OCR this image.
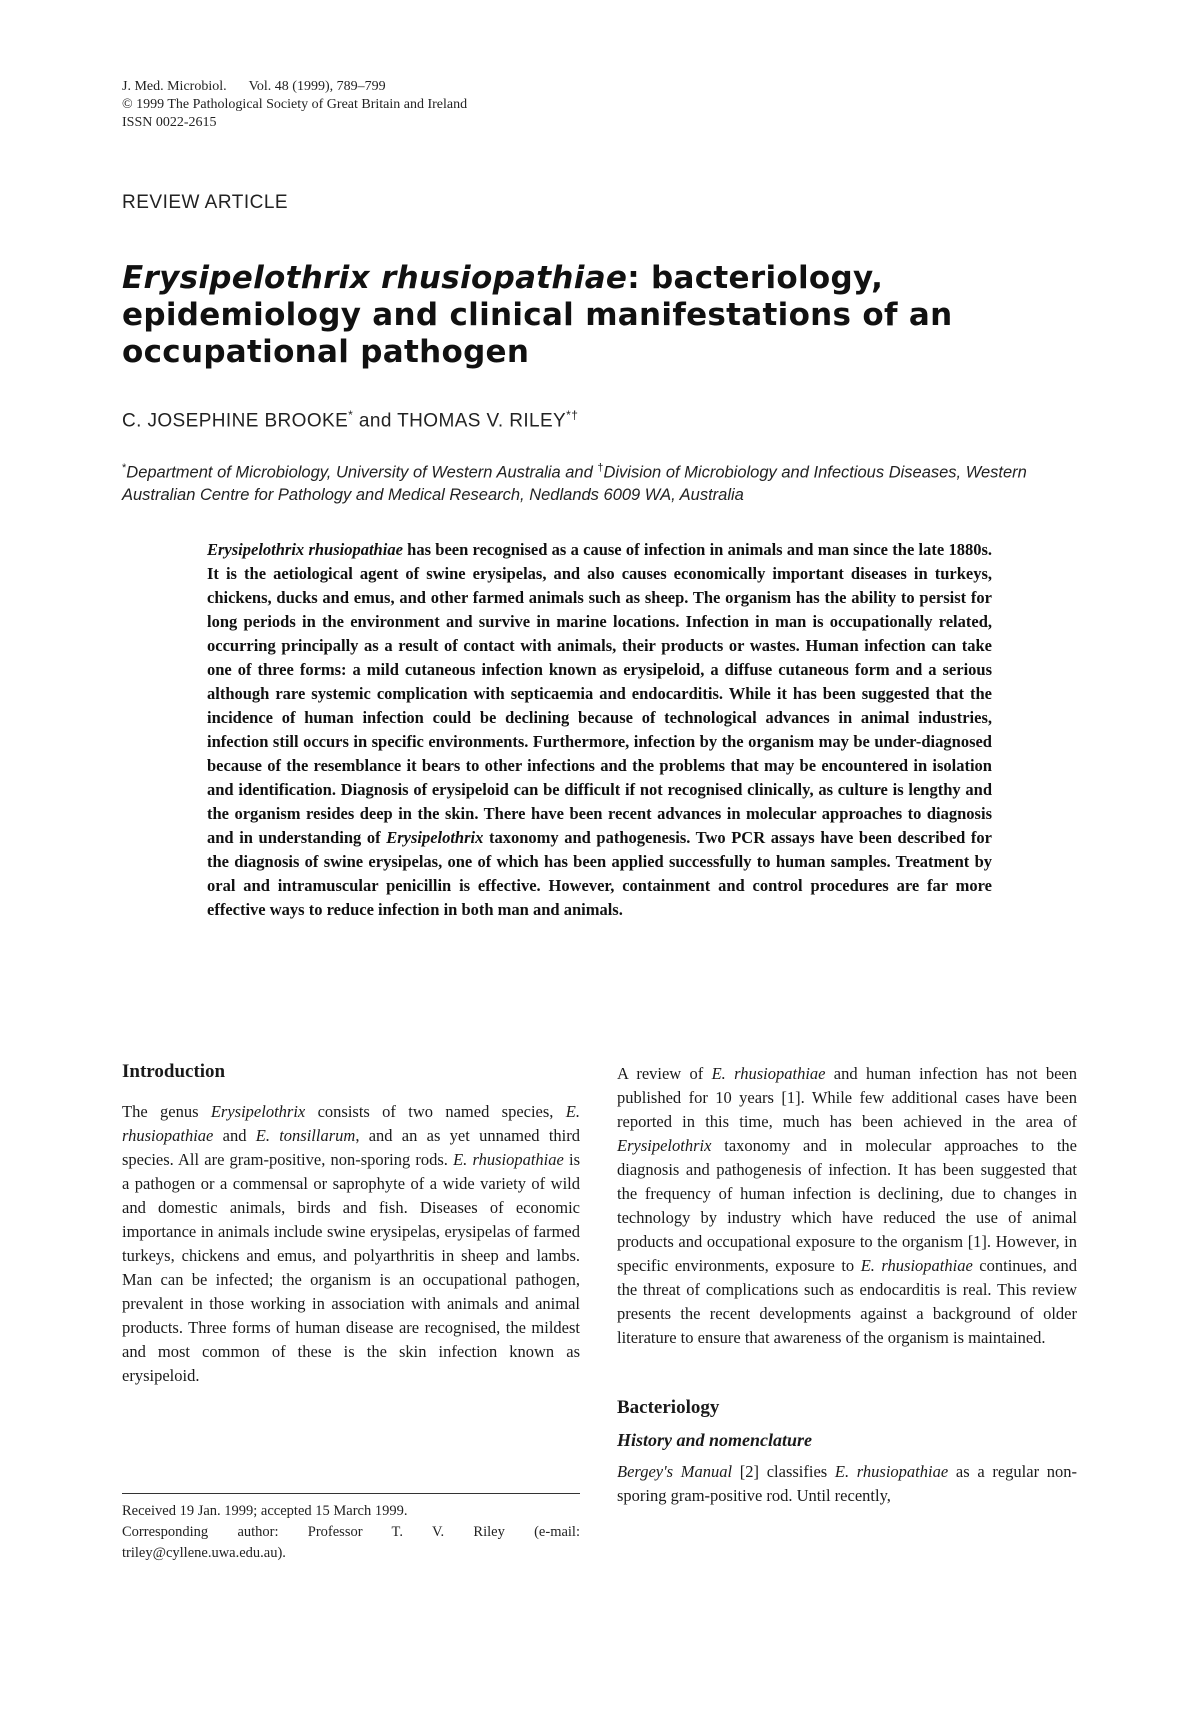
J. Med. Microbiol. Vol. 48 (1999), 789–799
© 1999 The Pathological Society of Great Britain and Ireland
ISSN 0022-2615
REVIEW ARTICLE
Erysipelothrix rhusiopathiae: bacteriology, epidemiology and clinical manifestations of an occupational pathogen
C. JOSEPHINE BROOKE* and THOMAS V. RILEY*†
*Department of Microbiology, University of Western Australia and †Division of Microbiology and Infectious Diseases, Western Australian Centre for Pathology and Medical Research, Nedlands 6009 WA, Australia

Erysipelothrix rhusiopathiae has been recognised as a cause of infection in animals and man since the late 1880s. It is the aetiological agent of swine erysipelas, and also causes economically important diseases in turkeys, chickens, ducks and emus, and other farmed animals such as sheep. The organism has the ability to persist for long periods in the environment and survive in marine locations. Infection in man is occupationally related, occurring principally as a result of contact with animals, their products or wastes. Human infection can take one of three forms: a mild cutaneous infection known as erysipeloid, a diffuse cutaneous form and a serious although rare systemic complication with septicaemia and endocarditis. While it has been suggested that the incidence of human infection could be declining because of technological advances in animal industries, infection still occurs in specific environments. Furthermore, infection by the organism may be under-diagnosed because of the resemblance it bears to other infections and the problems that may be encountered in isolation and identification. Diagnosis of erysipeloid can be difficult if not recognised clinically, as culture is lengthy and the organism resides deep in the skin. There have been recent advances in molecular approaches to diagnosis and in understanding of Erysipelothrix taxonomy and pathogenesis. Two PCR assays have been described for the diagnosis of swine erysipelas, one of which has been applied successfully to human samples. Treatment by oral and intramuscular penicillin is effective. However, containment and control procedures are far more effective ways to reduce infection in both man and animals.

Introduction

The genus Erysipelothrix consists of two named species, E. rhusiopathiae and E. tonsillarum, and an as yet unnamed third species. All are gram-positive, non-sporing rods. E. rhusiopathiae is a pathogen or a commensal or saprophyte of a wide variety of wild and domestic animals, birds and fish. Diseases of economic importance in animals include swine erysipelas, erysipelas of farmed turkeys, chickens and emus, and polyarthritis in sheep and lambs. Man can be infected; the organism is an occupational pathogen, prevalent in those working in association with animals and animal products. Three forms of human disease are recognised, the mildest and most common of these is the skin infection known as erysipeloid.

A review of E. rhusiopathiae and human infection has not been published for 10 years [1]. While few additional cases have been reported in this time, much has been achieved in the area of Erysipelothrix taxonomy and in molecular approaches to the diagnosis and pathogenesis of infection. It has been suggested that the frequency of human infection is declining, due to changes in technology by industry which have reduced the use of animal products and occupational exposure to the organism [1]. However, in specific environments, exposure to E. rhusiopathiae continues, and the threat of complications such as endocarditis is real. This review presents the recent developments against a background of older literature to ensure that awareness of the organism is maintained.

Bacteriology
History and nomenclature

Bergey's Manual [2] classifies E. rhusiopathiae as a regular non-sporing gram-positive rod. Until recently,

Received 19 Jan. 1999; accepted 15 March 1999.
Corresponding author: Professor T. V. Riley (e-mail: triley@cyllene.uwa.edu.au).
